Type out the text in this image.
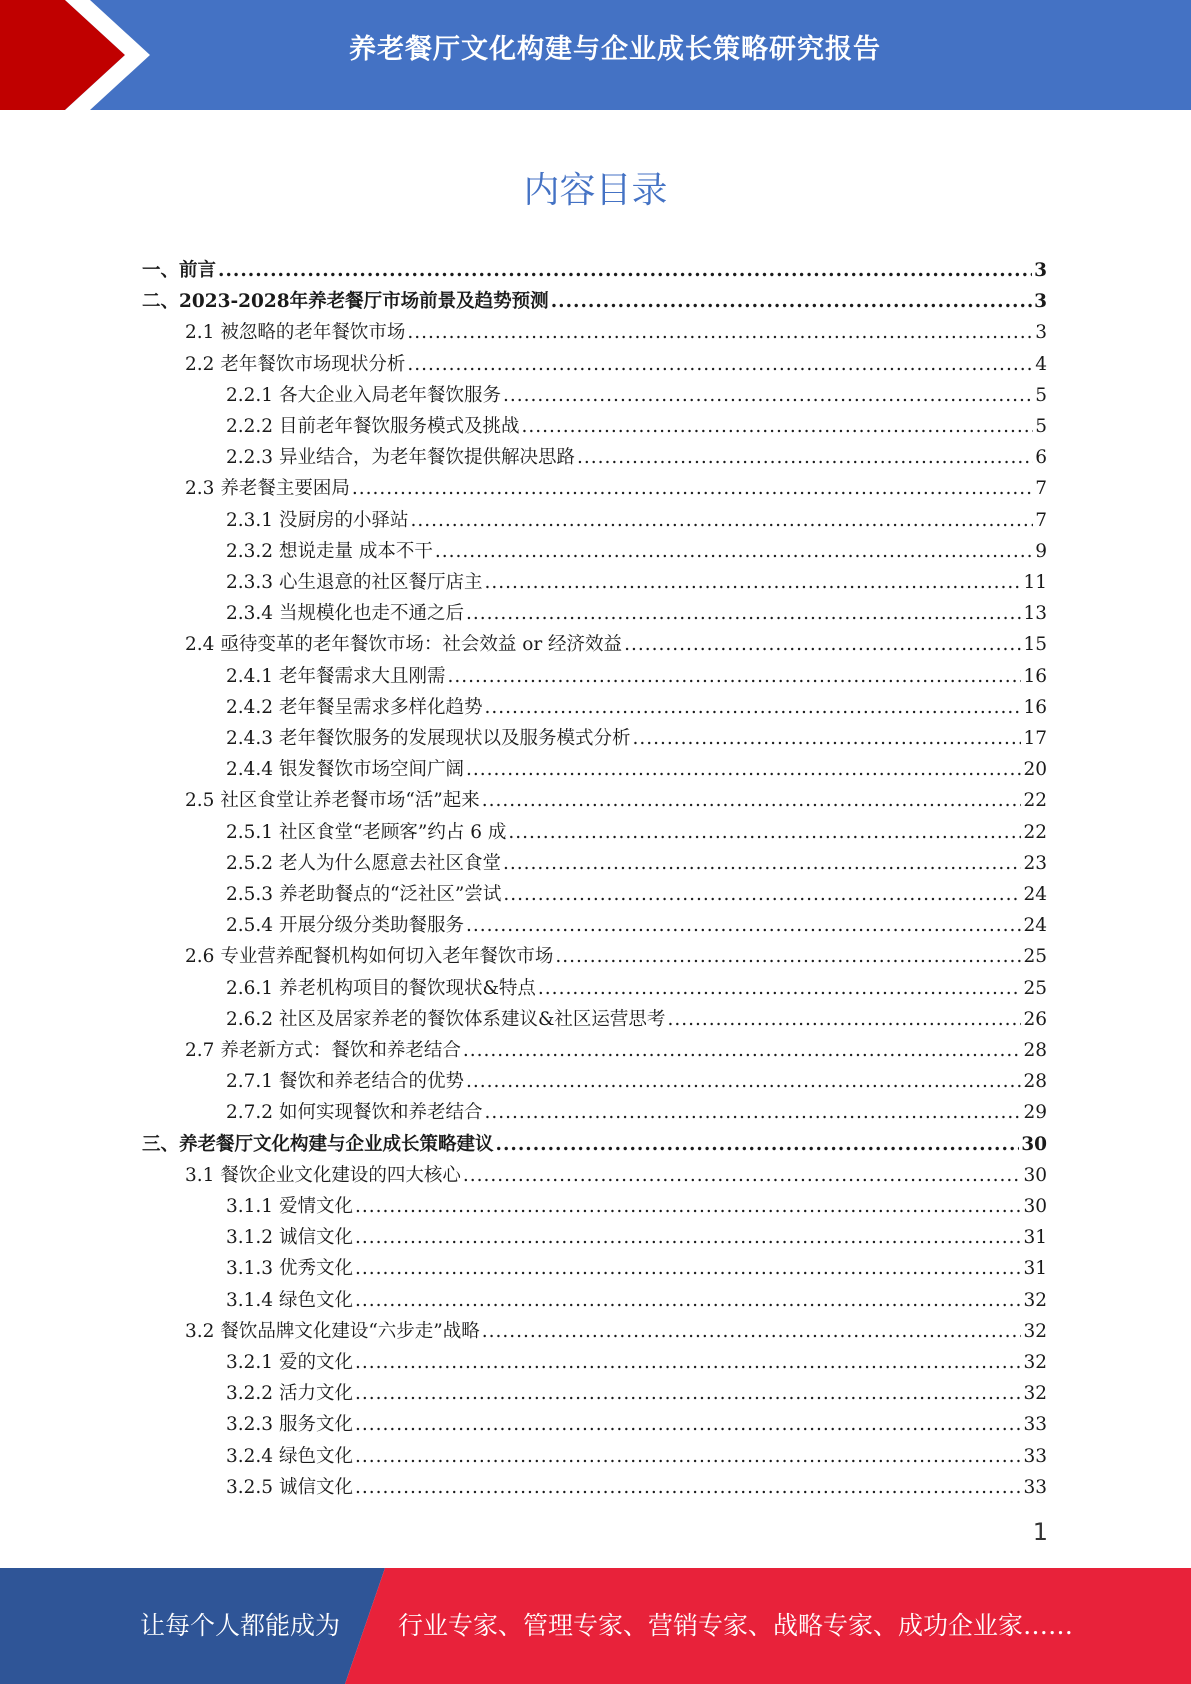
养老餐厅文化构建与企业成长策略研究报告
内容目录
一、 前言 .....	3
二、 2023-2028年养老餐厅市场前景及趋势预测 .....	3
2.1 被忽略的老年餐饮市场 .....	3
2.2 老年餐饮市场现状分析 .....	4
2.2.1 各大企业入局老年餐饮服务 .....	5
2.2.2 目前老年餐饮服务模式及挑战 .....	5
2.2.3 异业结合，为老年餐饮提供解决思路 .....	6
2.3 养老餐主要困局 .....	7
2.3.1 没厨房的小驿站 .....	7
2.3.2 想说走量 成本不干 .....	9
2.3.3 心生退意的社区餐厅店主 .....	11
2.3.4 当规模化也走不通之后 .....	13
2.4 亟待变革的老年餐饮市场：社会效益 or 经济效益 .....	15
2.4.1 老年餐需求大且刚需 .....	16
2.4.2 老年餐呈需求多样化趋势 .....	16
2.4.3 老年餐饮服务的发展现状以及服务模式分析 .....	17
2.4.4 银发餐饮市场空间广阔 .....	20
2.5 社区食堂让养老餐市场“活”起来 .....	22
2.5.1 社区食堂“老顾客”约占 6 成 .....	22
2.5.2 老人为什么愿意去社区食堂 .....	23
2.5.3 养老助餐点的“泛社区”尝试 .....	24
2.5.4 开展分级分类助餐服务 .....	24
2.6 专业营养配餐机构如何切入老年餐饮市场 .....	25
2.6.1 养老机构项目的餐饮现状&特点 .....	25
2.6.2 社区及居家养老的餐饮体系建议&社区运营思考 .....	26
2.7 养老新方式：餐饮和养老结合 .....	28
2.7.1 餐饮和养老结合的优势 .....	28
2.7.2 如何实现餐饮和养老结合 .....	29
三、 养老餐厅文化构建与企业成长策略建议 .....	30
3.1 餐饮企业文化建设的四大核心 .....	30
3.1.1 爱情文化 .....	30
3.1.2 诚信文化 .....	31
3.1.3 优秀文化 .....	31
3.1.4 绿色文化 .....	32
3.2 餐饮品牌文化建设“六步走”战略 .....	32
3.2.1 爱的文化 .....	32
3.2.2 活力文化 .....	32
3.2.3 服务文化 .....	33
3.2.4 绿色文化 .....	33
3.2.5 诚信文化 .....	33
1
让每个人都能成为 行业专家、管理专家、营销专家、战略专家、成功企业家……
